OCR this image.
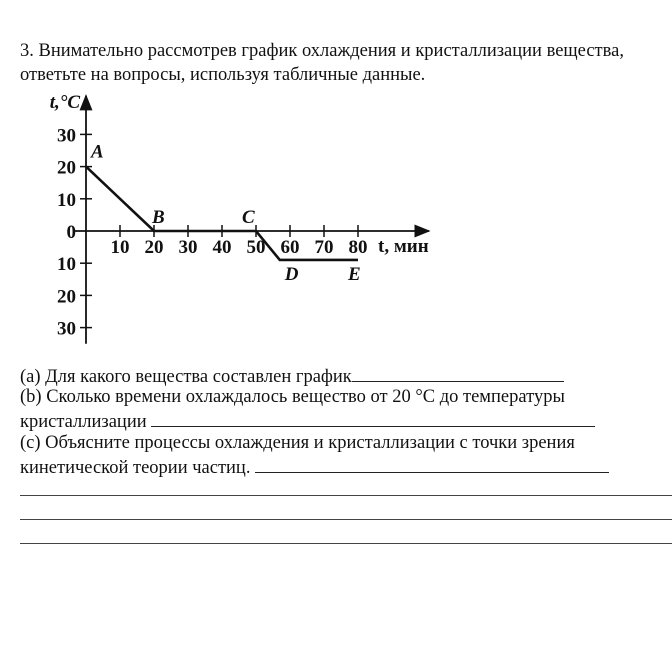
3. Внимательно рассмотрев график охлаждения и кристаллизации вещества,
ответьте на вопросы, используя табличные данные.
t,°C
t, мин
10 20 30 40 50 60 70 80
30
20
10
0
10
20
30
A
B	C
D	E
(a) Для какого вещества составлен график
(b) Сколько времени охлаждалось вещество от 20 °С до температуры
кристаллизации
(c) Объясните процессы охлаждения и кристаллизации с точки зрения
кинетической теории частиц.
